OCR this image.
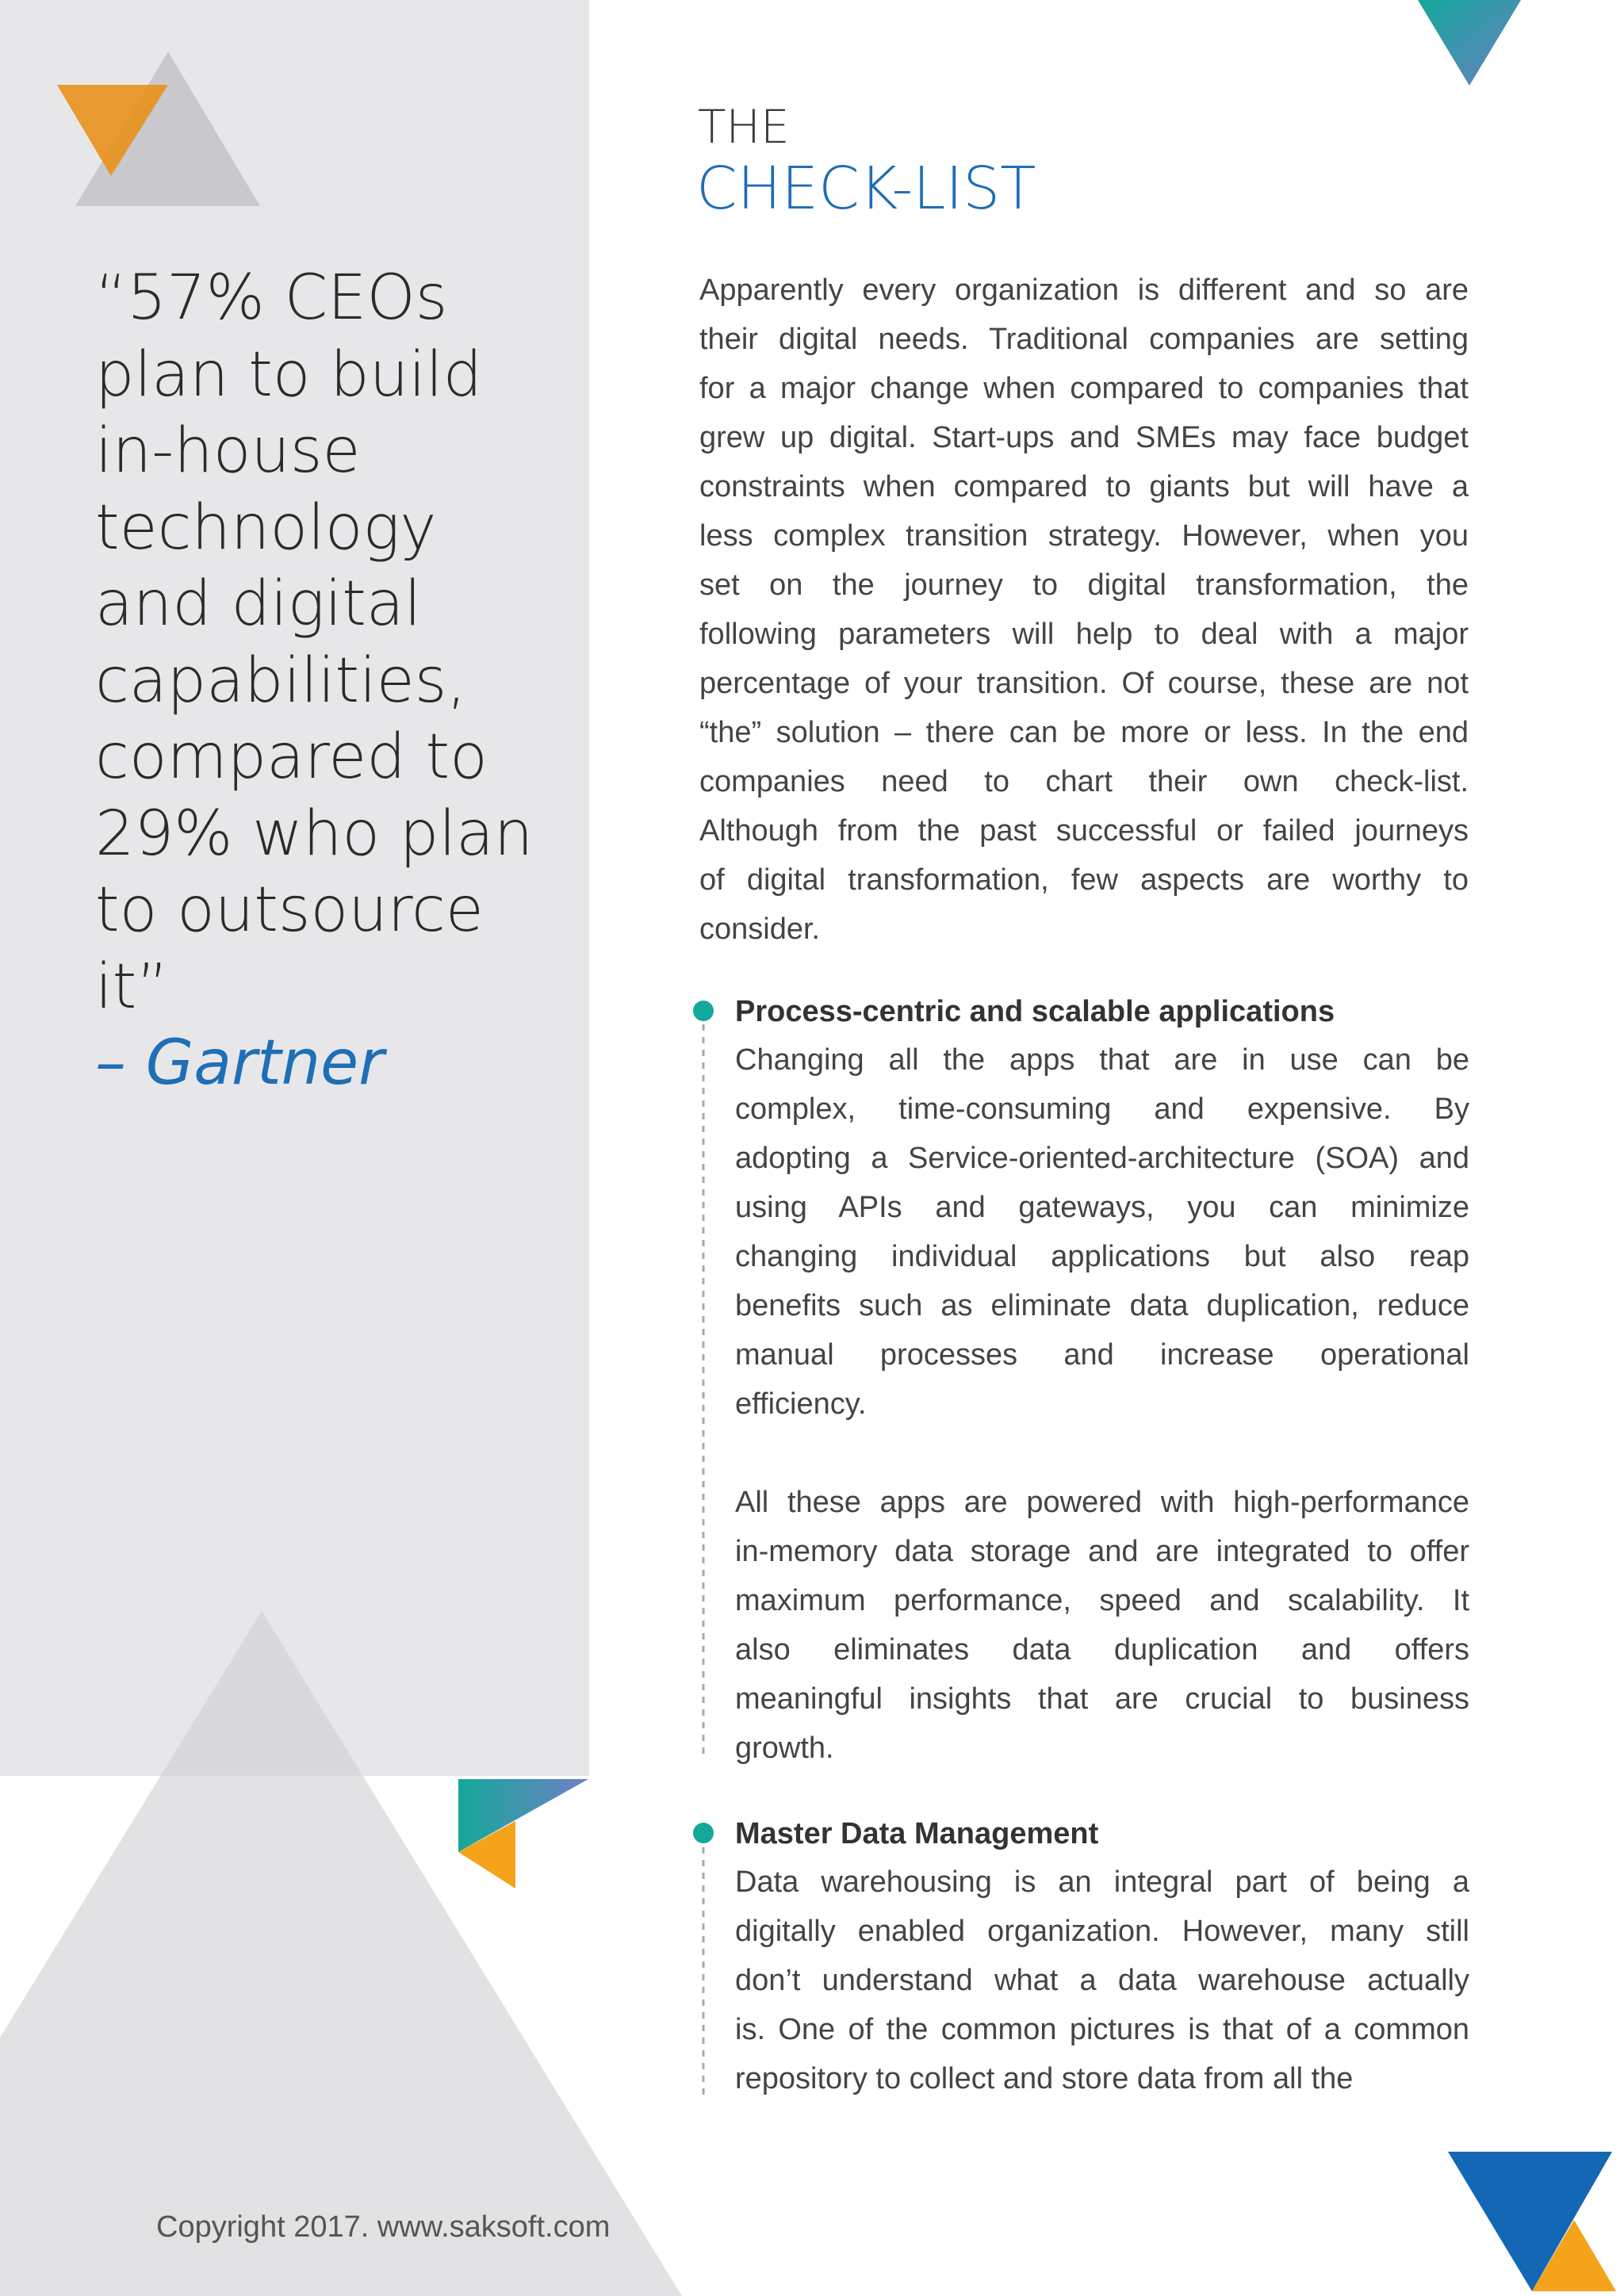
“57% CEOs
plan to build
in-house
technology
and digital
capabilities,
compared to
29% who plan
to outsource
it”
– Gartner
THE
CHECK-LIST
Apparently every organization is different and so are
their digital needs. Traditional companies are setting
for a major change when compared to companies that
grew up digital. Start-ups and SMEs may face budget
constraints when compared to giants but will have a
less complex transition strategy. However, when you
set on the journey to digital transformation, the
following parameters will help to deal with a major
percentage of your transition. Of course, these are not
“the” solution – there can be more or less. In the end
companies need to chart their own check-list.
Although from the past successful or failed journeys
of digital transformation, few aspects are worthy to
consider.
Process-centric and scalable applications
Changing all the apps that are in use can be
complex, time-consuming and expensive. By
adopting a Service-oriented-architecture (SOA) and
using APIs and gateways, you can minimize
changing individual applications but also reap
benefits such as eliminate data duplication, reduce
manual processes and increase operational
efficiency.
All these apps are powered with high-performance
in-memory data storage and are integrated to offer
maximum performance, speed and scalability. It
also eliminates data duplication and offers
meaningful insights that are crucial to business
growth.
Master Data Management
Data warehousing is an integral part of being a
digitally enabled organization. However, many still
don’t understand what a data warehouse actually
is. One of the common pictures is that of a common
repository to collect and store data from all the
Copyright 2017. www.saksoft.com
